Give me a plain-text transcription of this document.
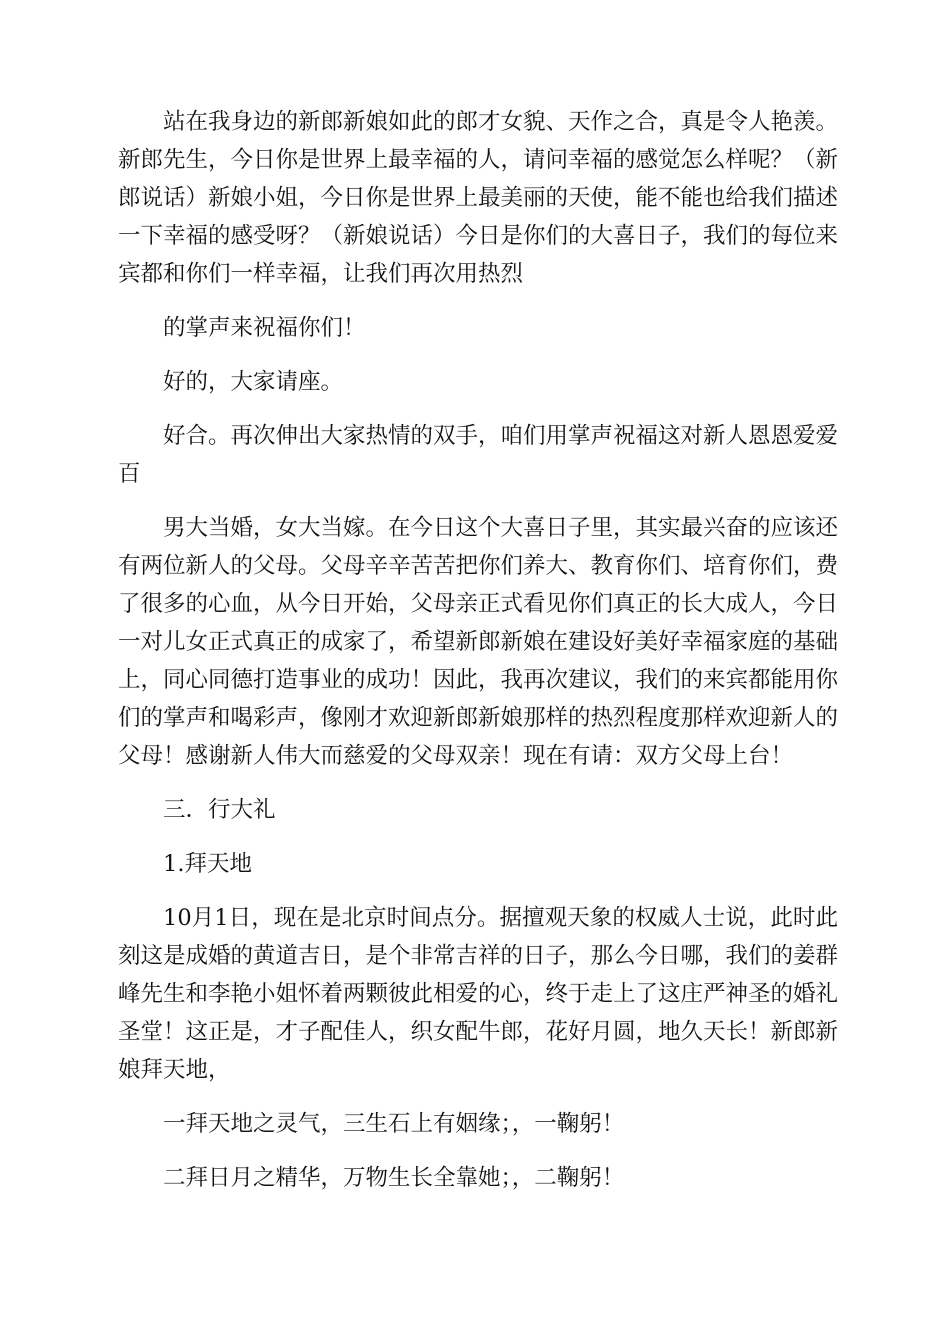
站在我身边的新郎新娘如此的郎才女貌、天作之合，真是令人艳羡。新郎先生，今日你是世界上最幸福的人，请问幸福的感觉怎么样呢？（新郎说话）新娘小姐，今日你是世界上最美丽的天使，能不能也给我们描述一下幸福的感受呀？（新娘说话）今日是你们的大喜日子，我们的每位来宾都和你们一样幸福，让我们再次用热烈

的掌声来祝福你们！

好的，大家请座。

好合。再次伸出大家热情的双手，咱们用掌声祝福这对新人恩恩爱爱百

男大当婚，女大当嫁。在今日这个大喜日子里，其实最兴奋的应该还有两位新人的父母。父母辛辛苦苦把你们养大、教育你们、培育你们，费了很多的心血，从今日开始，父母亲正式看见你们真正的长大成人，今日一对儿女正式真正的成家了，希望新郎新娘在建设好美好幸福家庭的基础上，同心同德打造事业的成功！因此，我再次建议，我们的来宾都能用你们的掌声和喝彩声，像刚才欢迎新郎新娘那样的热烈程度那样欢迎新人的父母！感谢新人伟大而慈爱的父母双亲！现在有请：双方父母上台！

三．行大礼

1.拜天地

10月1日，现在是北京时间点分。据擅观天象的权威人士说，此时此刻这是成婚的黄道吉日，是个非常吉祥的日子，那么今日哪，我们的姜群峰先生和李艳小姐怀着两颗彼此相爱的心，终于走上了这庄严神圣的婚礼圣堂！这正是，才子配佳人，织女配牛郎，花好月圆，地久天长！新郎新娘拜天地，

一拜天地之灵气，三生石上有姻缘；，一鞠躬！

二拜日月之精华，万物生长全靠她；，二鞠躬！
